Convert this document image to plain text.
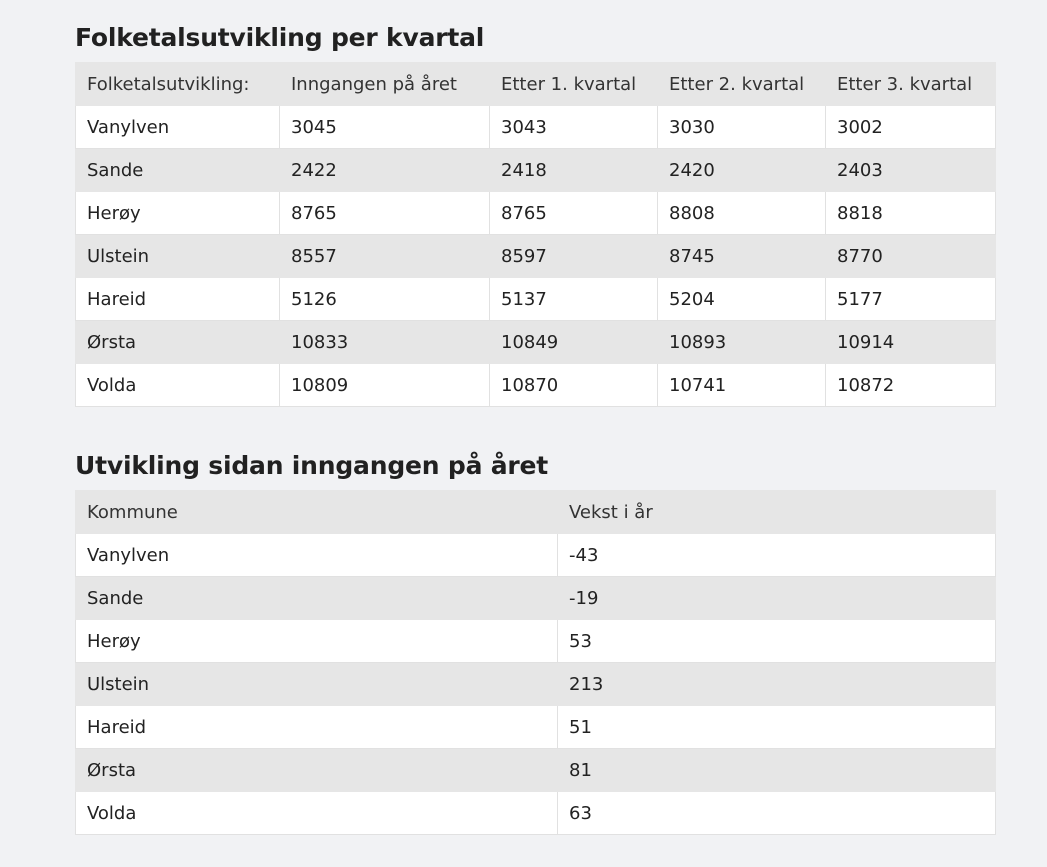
Folketalsutvikling per kvartal
Folketalsutvikling:	Inngangen på året	Etter 1. kvartal	Etter 2. kvartal	Etter 3. kvartal
Vanylven	3045	3043	3030	3002
Sande	2422	2418	2420	2403
Herøy	8765	8765	8808	8818
Ulstein	8557	8597	8745	8770
Hareid	5126	5137	5204	5177
Ørsta	10833	10849	10893	10914
Volda	10809	10870	10741	10872
Utvikling sidan inngangen på året
Kommune	Vekst i år
Vanylven	-43
Sande	-19
Herøy	53
Ulstein	213
Hareid	51
Ørsta	81
Volda	63
